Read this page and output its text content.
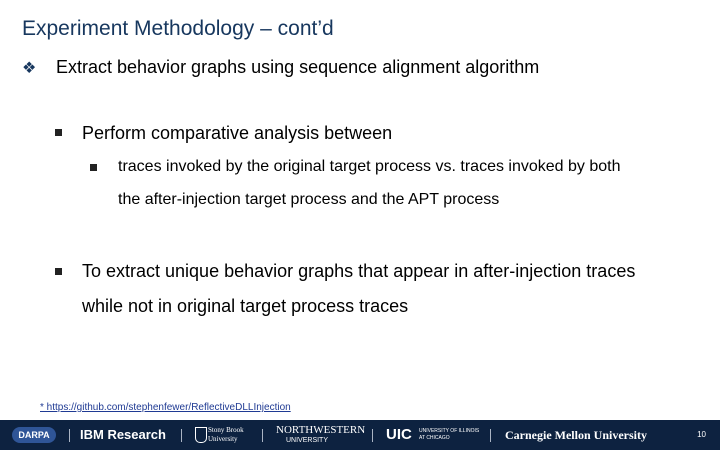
Experiment Methodology – cont’d
❖ Extract behavior graphs using sequence alignment algorithm
Perform comparative analysis between
traces invoked by the original target process vs. traces invoked by both
the after-injection target process and the APT process
To extract unique behavior graphs that appear in after-injection traces
while not in original target process traces
* https://github.com/stephenfewer/ReflectiveDLLInjection
DARPA	IBM Research	Stony Brook
University
NORTHWESTERN
UNIVERSITY	UIC UNIVERSITY OF ILLINOIS
AT CHICAGO	Carnegie Mellon University	10
